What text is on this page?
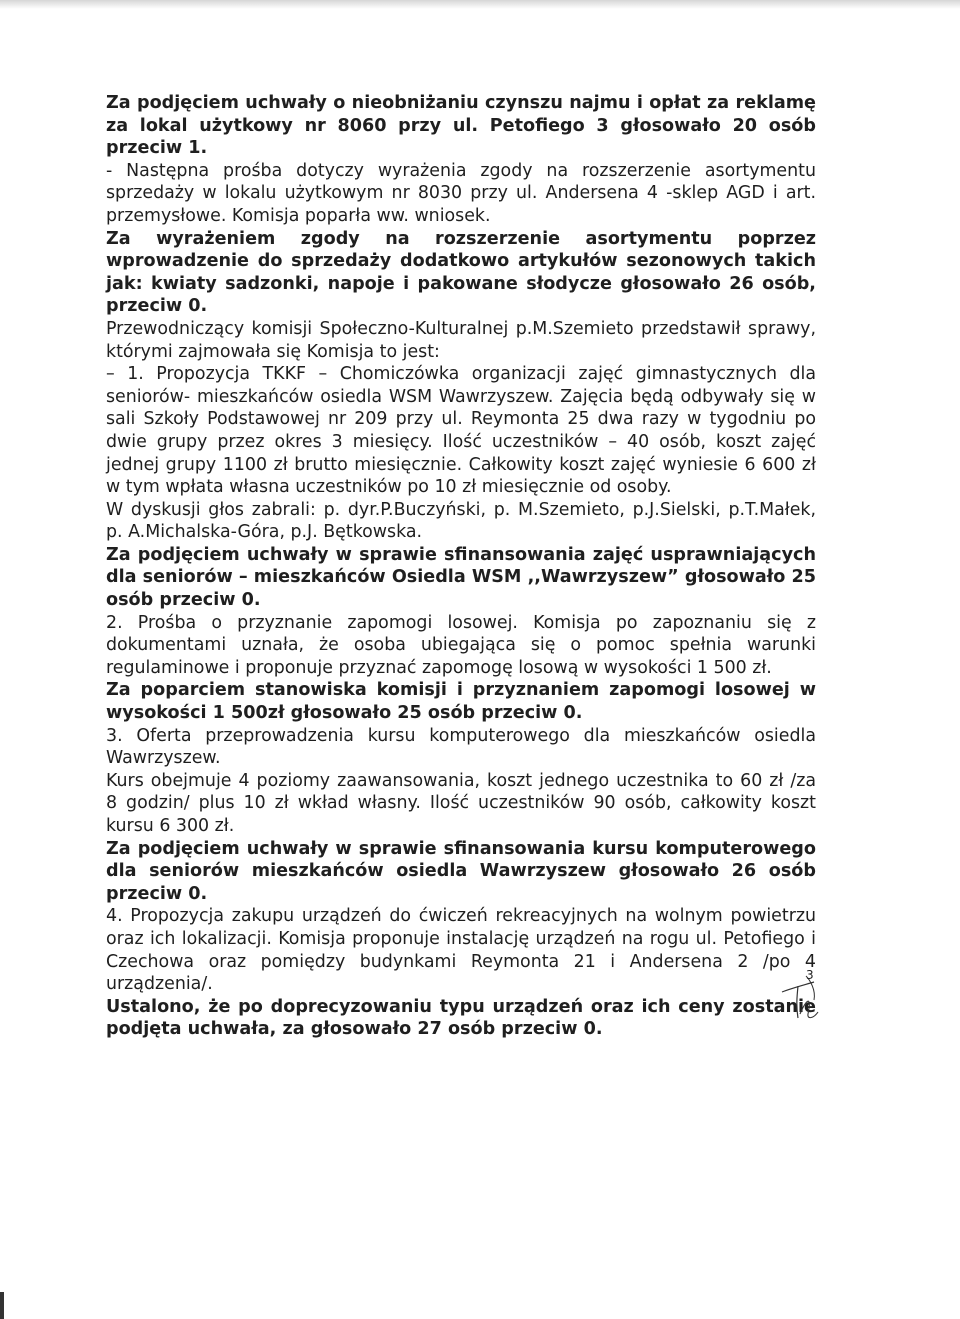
Za podjęciem uchwały o nieobniżaniu czynszu najmu i opłat za reklamę za lokal użytkowy nr 8060 przy ul. Petofiego 3 głosowało 20 osób przeciw 1.

- Następna prośba dotyczy wyrażenia zgody na rozszerzenie asortymentu sprzedaży w lokalu użytkowym nr 8030 przy ul. Andersena 4 -sklep AGD i art. przemysłowe. Komisja poparła ww. wniosek.

Za wyrażeniem zgody na rozszerzenie asortymentu poprzez wprowadzenie do sprzedaży dodatkowo artykułów sezonowych takich jak: kwiaty sadzonki, napoje i pakowane słodycze głosowało 26 osób, przeciw 0.

Przewodniczący komisji Społeczno-Kulturalnej p.M.Szemieto przedstawił sprawy, którymi zajmowała się Komisja to jest:

– 1. Propozycja TKKF – Chomiczówka organizacji zajęć gimnastycznych dla seniorów- mieszkańców osiedla WSM Wawrzyszew. Zajęcia będą odbywały się w sali Szkoły Podstawowej nr 209 przy ul. Reymonta 25 dwa razy w tygodniu po dwie grupy przez okres 3 miesięcy. Ilość uczestników – 40 osób, koszt zajęć jednej grupy 1100 zł brutto miesięcznie. Całkowity koszt zajęć wyniesie 6 600 zł w tym wpłata własna uczestników po 10 zł miesięcznie od osoby.

W dyskusji głos zabrali: p. dyr.P.Buczyński, p. M.Szemieto, p.J.Sielski, p.T.Małek, p. A.Michalska-Góra, p.J. Bętkowska.

Za podjęciem uchwały w sprawie sfinansowania zajęć usprawniających dla seniorów – mieszkańców Osiedla WSM ,,Wawrzyszew” głosowało 25 osób przeciw 0.

2. Prośba o przyznanie zapomogi losowej. Komisja po zapoznaniu się z dokumentami uznała, że osoba ubiegająca się o pomoc spełnia warunki regulaminowe i proponuje przyznać zapomogę losową w wysokości 1 500 zł.

Za poparciem stanowiska komisji i przyznaniem zapomogi losowej w wysokości 1 500zł głosowało 25 osób przeciw 0.

3. Oferta przeprowadzenia kursu komputerowego dla mieszkańców osiedla Wawrzyszew.

Kurs obejmuje 4 poziomy zaawansowania, koszt jednego uczestnika to 60 zł /za 8 godzin/ plus 10 zł wkład własny. Ilość uczestników 90 osób, całkowity koszt kursu 6 300 zł.

Za podjęciem uchwały w sprawie sfinansowania kursu komputerowego dla seniorów mieszkańców osiedla Wawrzyszew głosowało 26 osób przeciw 0.

4. Propozycja zakupu urządzeń do ćwiczeń rekreacyjnych na wolnym powietrzu oraz ich lokalizacji. Komisja proponuje instalację urządzeń na rogu ul. Petofiego i Czechowa oraz pomiędzy budynkami Reymonta 21 i Andersena 2 /po 4 urządzenia/.

Ustalono, że po doprecyzowaniu typu urządzeń oraz ich ceny zostanie podjęta uchwała, za głosowało 27 osób przeciw 0.

3
